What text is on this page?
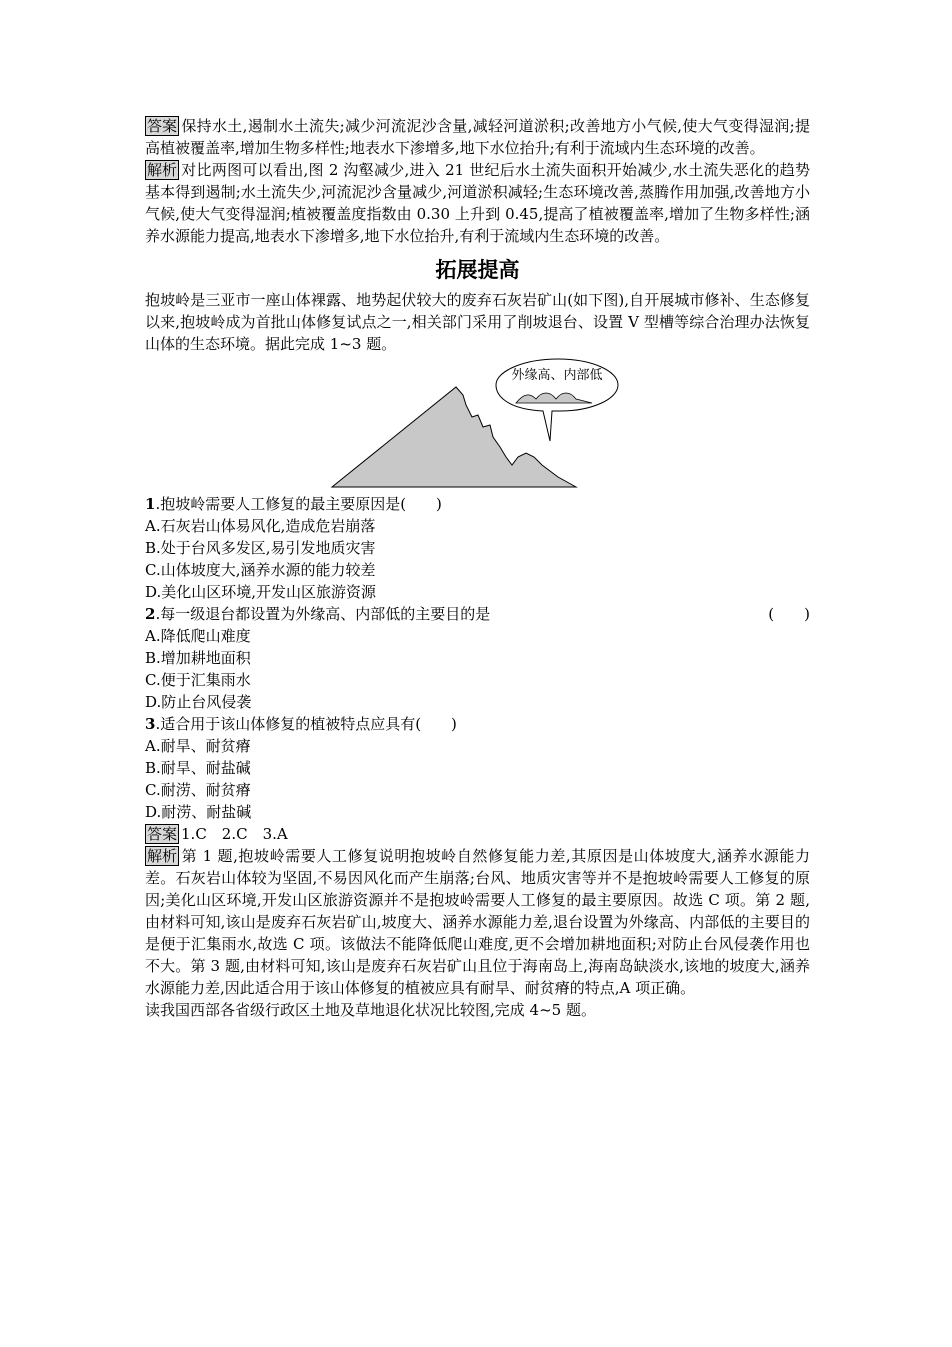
答案 保持水土,遏制水土流失;减少河流泥沙含量,减轻河道淤积;改善地方小气候,使大气变得湿润;提高植被覆盖率,增加生物多样性;地表水下渗增多,地下水位抬升;有利于流域内生态环境的改善。

解析 对比两图可以看出,图 2 沟壑减少,进入 21 世纪后水土流失面积开始减少,水土流失恶化的趋势基本得到遏制;水土流失少,河流泥沙含量减少,河道淤积减轻;生态环境改善,蒸腾作用加强,改善地方小气候,使大气变得湿润;植被覆盖度指数由 0.30 上升到 0.45,提高了植被覆盖率,增加了生物多样性;涵养水源能力提高,地表水下渗增多,地下水位抬升,有利于流域内生态环境的改善。

拓展提高

抱坡岭是三亚市一座山体裸露、地势起伏较大的废弃石灰岩矿山(如下图),自开展城市修补、生态修复以来,抱坡岭成为首批山体修复试点之一,相关部门采用了削坡退台、设置 V 型槽等综合治理办法恢复山体的生态环境。据此完成 1~3 题。

外缘高、内部低

1.抱坡岭需要人工修复的最主要原因是(　　)

A.石灰岩山体易风化,造成危岩崩落

B.处于台风多发区,易引发地质灾害

C.山体坡度大,涵养水源的能力较差

D.美化山区环境,开发山区旅游资源

2.每一级退台都设置为外缘高、内部低的主要目的是	(　　)

A.降低爬山难度

B.增加耕地面积

C.便于汇集雨水

D.防止台风侵袭

3.适合用于该山体修复的植被特点应具有(　　)

A.耐旱、耐贫瘠

B.耐旱、耐盐碱

C.耐涝、耐贫瘠

D.耐涝、耐盐碱

答案 1.C　2.C　3.A

解析 第 1 题,抱坡岭需要人工修复说明抱坡岭自然修复能力差,其原因是山体坡度大,涵养水源能力差。石灰岩山体较为坚固,不易因风化而产生崩落;台风、地质灾害等并不是抱坡岭需要人工修复的原因;美化山区环境,开发山区旅游资源并不是抱坡岭需要人工修复的最主要原因。故选 C 项。第 2 题,由材料可知,该山是废弃石灰岩矿山,坡度大、涵养水源能力差,退台设置为外缘高、内部低的主要目的是便于汇集雨水,故选 C 项。该做法不能降低爬山难度,更不会增加耕地面积;对防止台风侵袭作用也不大。第 3 题,由材料可知,该山是废弃石灰岩矿山且位于海南岛上,海南岛缺淡水,该地的坡度大,涵养水源能力差,因此适合用于该山体修复的植被应具有耐旱、耐贫瘠的特点,A 项正确。

读我国西部各省级行政区土地及草地退化状况比较图,完成 4~5 题。
